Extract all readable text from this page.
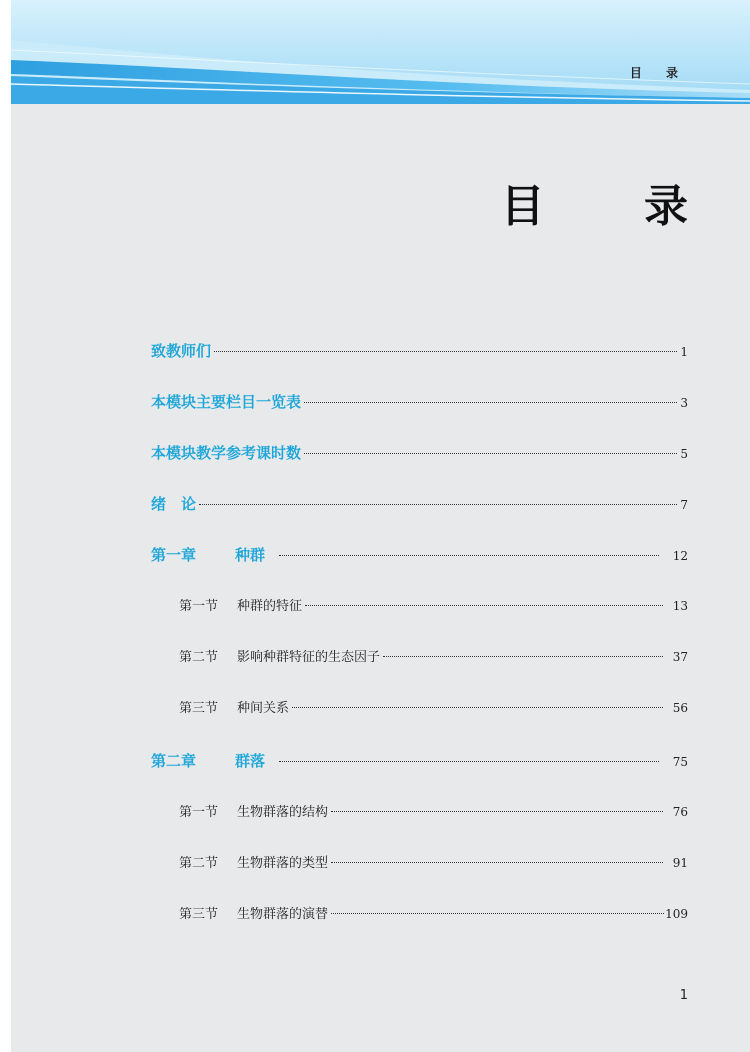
目 录
目 录
致教师们	1
本模块主要栏目一览表	3
本模块教学参考课时数	5
绪　论	7
第一章	种群	12
第一节 种群的特征	13
第二节 影响种群特征的生态因子	37
第三节 种间关系	56
第二章	群落	75
第一节 生物群落的结构	76
第二节 生物群落的类型	91
第三节 生物群落的演替	109
1
